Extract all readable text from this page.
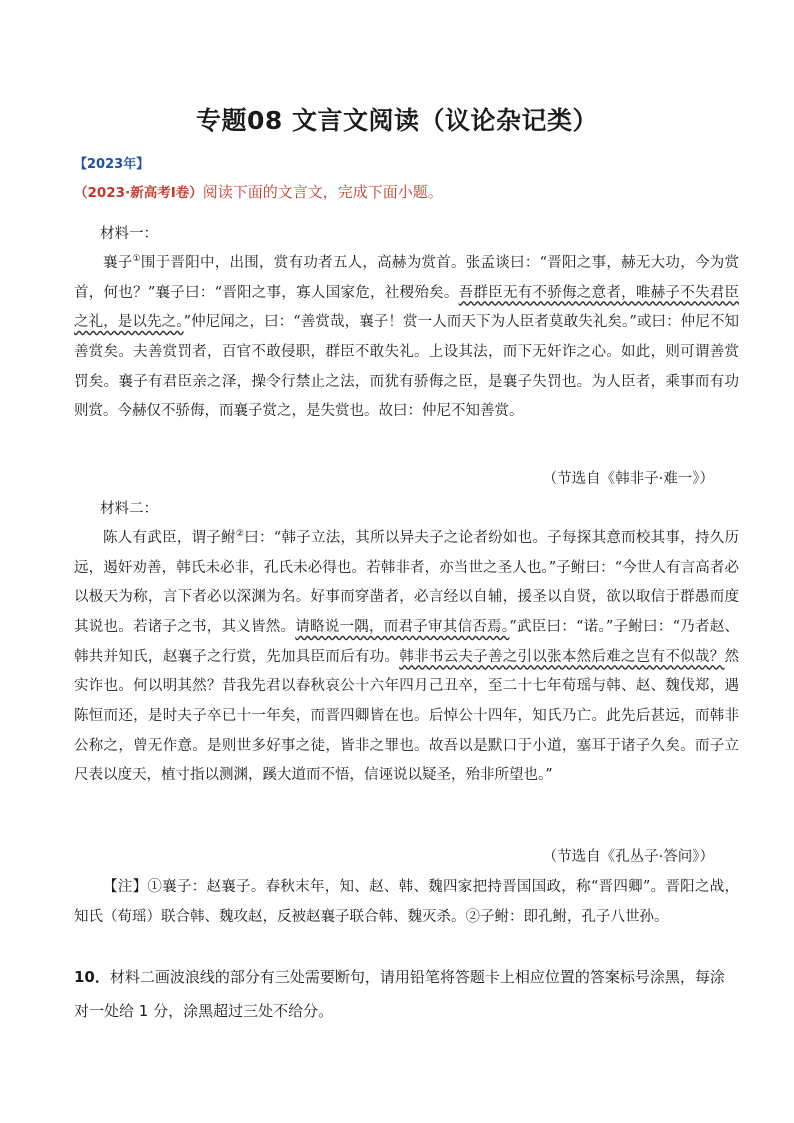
专题08 文言文阅读（议论杂记类）
【2023年】
（2023·新高考Ⅰ卷）阅读下面的文言文，完成下面小题。
材料一：

襄子①围于晋阳中，出围，赏有功者五人，高赫为赏首。张孟谈曰：“晋阳之事，赫无大功，今为赏首，何也？”襄子曰：“晋阳之事，寡人国家危，社稷殆矣。吾群臣无有不骄侮之意者，唯赫子不失君臣之礼，是以先之。”仲尼闻之，曰：“善赏哉，襄子！赏一人而天下为人臣者莫敢失礼矣。”或曰：仲尼不知善赏矣。夫善赏罚者，百官不敢侵职，群臣不敢失礼。上设其法，而下无奸诈之心。如此，则可谓善赏罚矣。襄子有君臣亲之泽，操令行禁止之法，而犹有骄侮之臣，是襄子失罚也。为人臣者，乘事而有功则赏。今赫仅不骄侮，而襄子赏之，是失赏也。故曰：仲尼不知善赏。

（节选自《韩非子·难一》）
材料二：

陈人有武臣，谓子鲋②曰：“韩子立法，其所以异夫子之论者纷如也。子每探其意而校其事，持久历远，遏奸劝善，韩氏未必非，孔氏未必得也。若韩非者，亦当世之圣人也。”子鲋曰：“今世人有言高者必以极天为称，言下者必以深渊为名。好事而穿凿者，必言经以自辅，援圣以自贤，欲以取信于群愚而度其说也。若诸子之书，其义皆然。请略说一隅，而君子审其信否焉。”武臣曰：“诺。”子鲋曰：“乃者赵、韩共并知氏，赵襄子之行赏，先加具臣而后有功。韩非书云夫子善之引以张本然后难之岂有不似哉？然实诈也。何以明其然？昔我先君以春秋哀公十六年四月己丑卒，至二十七年荀瑶与韩、赵、魏伐郑，遇陈恒而还，是时夫子卒已十一年矣，而晋四卿皆在也。后悼公十四年，知氏乃亡。此先后甚远，而韩非公称之，曾无作意。是则世多好事之徒，皆非之罪也。故吾以是默口于小道，塞耳于诸子久矣。而子立尺表以度天，植寸指以测渊，蹊大道而不悟，信诬说以疑圣，殆非所望也。”

（节选自《孔丛子·答问》）

【注】①襄子：赵襄子。春秋末年，知、赵、韩、魏四家把持晋国国政，称“晋四卿”。晋阳之战，知氏（荀瑶）联合韩、魏攻赵，反被赵襄子联合韩、魏灭杀。②子鲋：即孔鲋，孔子八世孙。

10．材料二画波浪线的部分有三处需要断句，请用铅笔将答题卡上相应位置的答案标号涂黑，每涂对一处给 1 分，涂黑超过三处不给分。
